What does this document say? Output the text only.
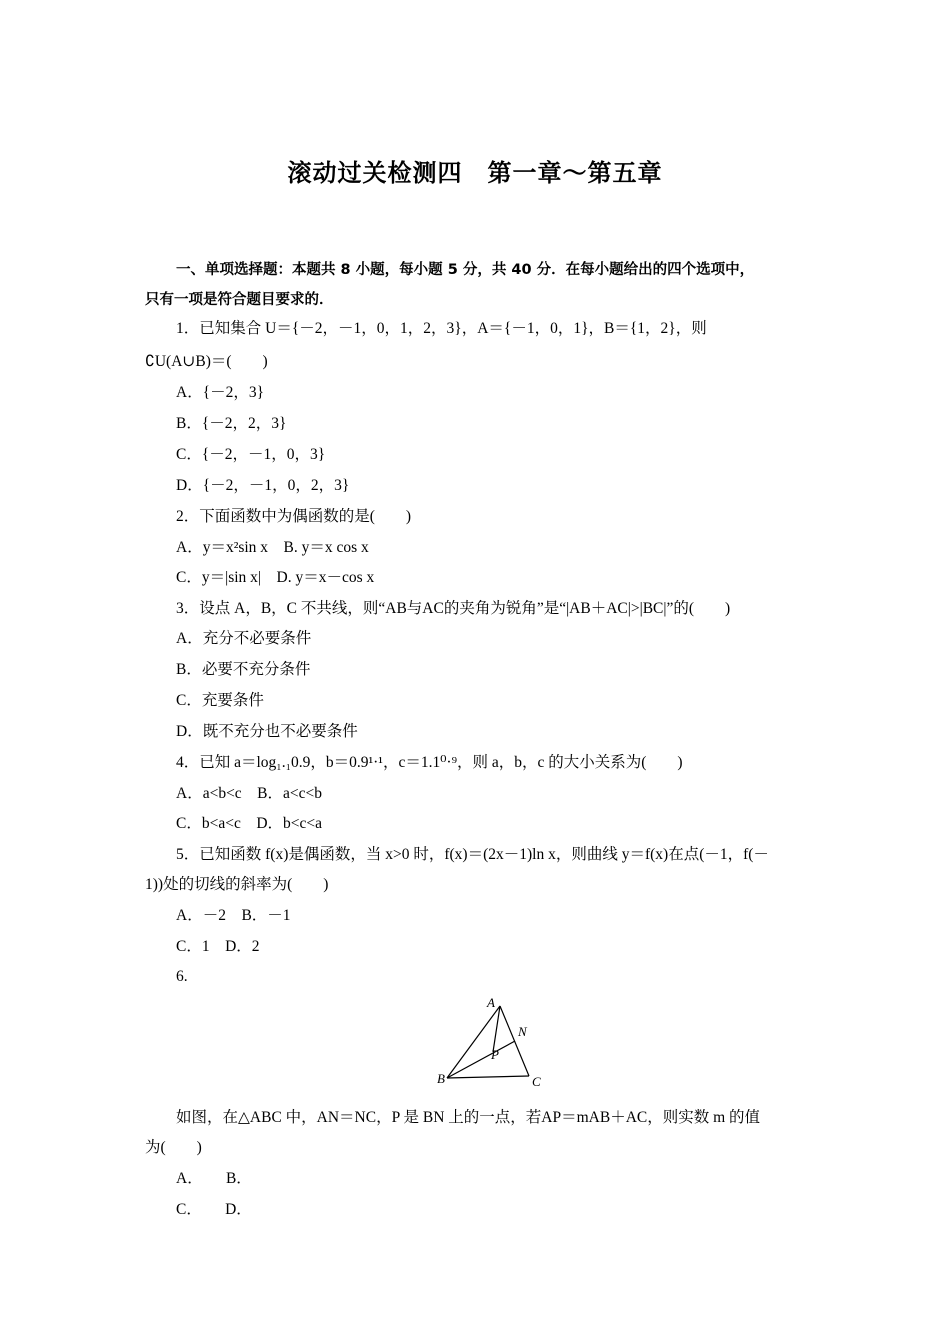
滚动过关检测四　第一章～第五章
一、单项选择题：本题共 8 小题，每小题 5 分，共 40 分．在每小题给出的四个选项中，
只有一项是符合题目要求的．
1．已知集合 U＝{－2，－1，0，1，2，3}，A＝{－1，0，1}，B＝{1，2}，则
∁U(A∪B)＝(　　)
A．{－2，3}
B．{－2，2，3}
C．{－2，－1，0，3}
D．{－2，－1，0，2，3}
2．下面函数中为偶函数的是(　　)
A．y＝x²sin x　B. y＝x cos x
C．y＝|sin x|　D. y＝x－cos x
3．设点 A，B，C 不共线，则“AB与AC的夹角为锐角”是“|AB＋AC|>|BC|”的(　　)
A．充分不必要条件
B．必要不充分条件
C．充要条件
D．既不充分也不必要条件
4．已知 a＝log₁.₁0.9，b＝0.9¹·¹，c＝1.1⁰·⁹，则 a，b，c 的大小关系为(　　)
A．a<b<c　B．a<c<b
C．b<a<c　D．b<c<a
5．已知函数 f(x)是偶函数，当 x>0 时，f(x)＝(2x－1)ln x，则曲线 y＝f(x)在点(－1，f(－
1))处的切线的斜率为(　　)
A．－2　B．－1
C．1　D．2
6.
A
B	C
N
P
如图，在△ABC 中，AN＝NC，P 是 BN 上的一点，若AP＝mAB＋AC，则实数 m 的值
为(　　)
A．　　B．
C．　　D．
